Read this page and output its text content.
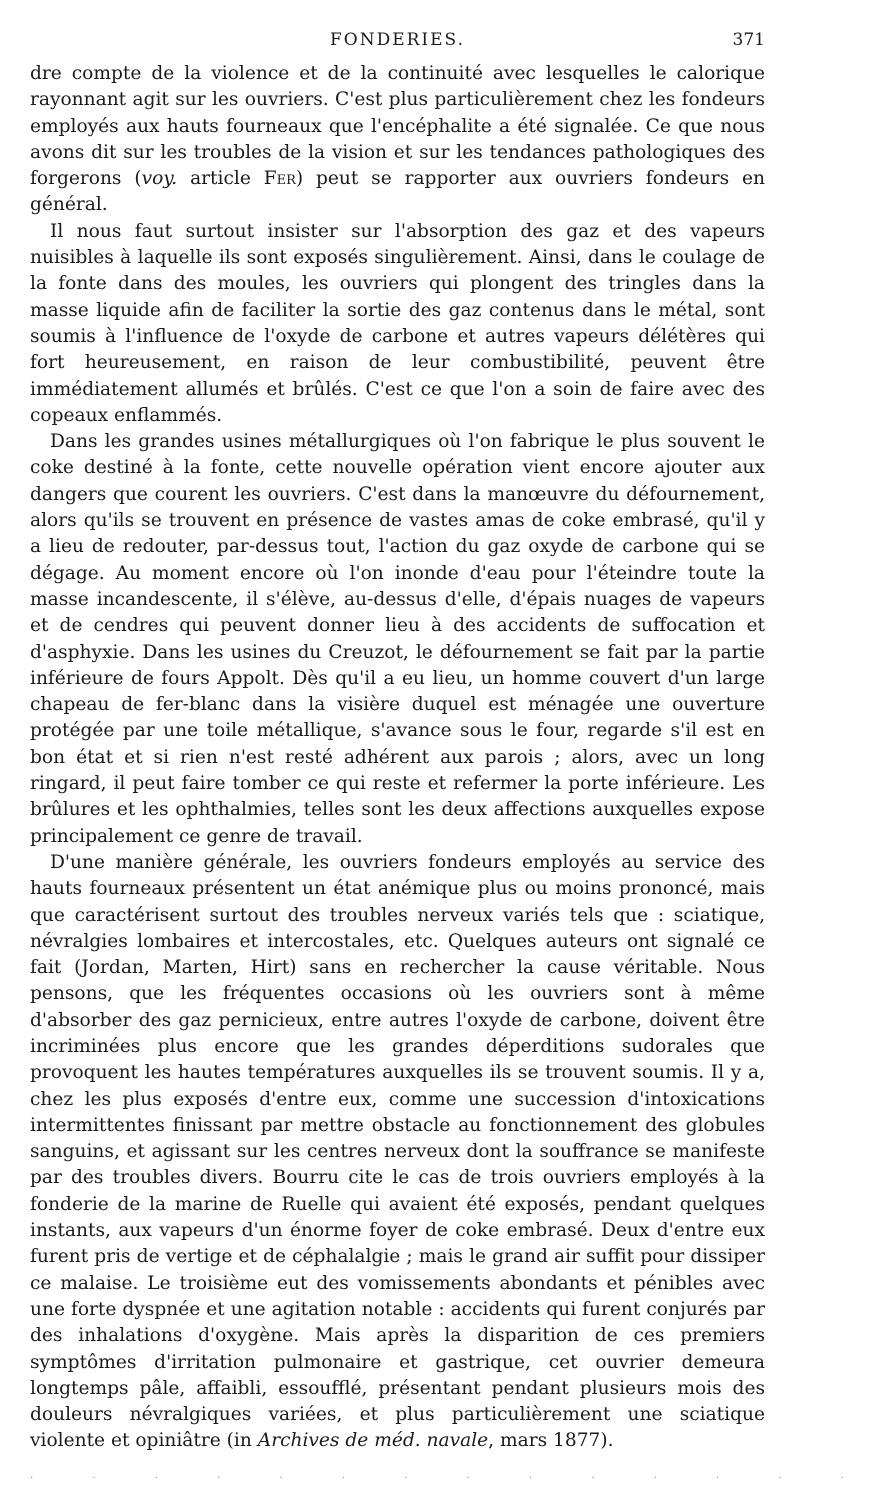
FONDERIES.	371

dre compte de la violence et de la continuité avec lesquelles le calorique rayonnant agit sur les ouvriers. C'est plus particulièrement chez les fondeurs employés aux hauts fourneaux que l'encéphalite a été signalée. Ce que nous avons dit sur les troubles de la vision et sur les tendances pathologiques des forgerons (voy. article Fer) peut se rapporter aux ouvriers fondeurs en général.

Il nous faut surtout insister sur l'absorption des gaz et des vapeurs nuisibles à laquelle ils sont exposés singulièrement. Ainsi, dans le coulage de la fonte dans des moules, les ouvriers qui plongent des tringles dans la masse liquide afin de faciliter la sortie des gaz contenus dans le métal, sont soumis à l'influence de l'oxyde de carbone et autres vapeurs délétères qui fort heureusement, en raison de leur combustibilité, peuvent être immédiatement allumés et brûlés. C'est ce que l'on a soin de faire avec des copeaux enflammés.

Dans les grandes usines métallurgiques où l'on fabrique le plus souvent le coke destiné à la fonte, cette nouvelle opération vient encore ajouter aux dangers que courent les ouvriers. C'est dans la manœuvre du défournement, alors qu'ils se trouvent en présence de vastes amas de coke embrasé, qu'il y a lieu de redouter, par-dessus tout, l'action du gaz oxyde de carbone qui se dégage. Au moment encore où l'on inonde d'eau pour l'éteindre toute la masse incandescente, il s'élève, au-dessus d'elle, d'épais nuages de vapeurs et de cendres qui peuvent donner lieu à des accidents de suffocation et d'asphyxie. Dans les usines du Creuzot, le défournement se fait par la partie inférieure de fours Appolt. Dès qu'il a eu lieu, un homme couvert d'un large chapeau de fer-blanc dans la visière duquel est ménagée une ouverture protégée par une toile métallique, s'avance sous le four, regarde s'il est en bon état et si rien n'est resté adhérent aux parois ; alors, avec un long ringard, il peut faire tomber ce qui reste et refermer la porte inférieure. Les brûlures et les ophthalmies, telles sont les deux affections auxquelles expose principalement ce genre de travail.

D'une manière générale, les ouvriers fondeurs employés au service des hauts fourneaux présentent un état anémique plus ou moins prononcé, mais que caractérisent surtout des troubles nerveux variés tels que : sciatique, névralgies lombaires et intercostales, etc. Quelques auteurs ont signalé ce fait (Jordan, Marten, Hirt) sans en rechercher la cause véritable. Nous pensons, que les fréquentes occasions où les ouvriers sont à même d'absorber des gaz pernicieux, entre autres l'oxyde de carbone, doivent être incriminées plus encore que les grandes déperditions sudorales que provoquent les hautes températures auxquelles ils se trouvent soumis. Il y a, chez les plus exposés d'entre eux, comme une succession d'intoxications intermittentes finissant par mettre obstacle au fonctionnement des globules sanguins, et agissant sur les centres nerveux dont la souffrance se manifeste par des troubles divers. Bourru cite le cas de trois ouvriers employés à la fonderie de la marine de Ruelle qui avaient été exposés, pendant quelques instants, aux vapeurs d'un énorme foyer de coke embrasé. Deux d'entre eux furent pris de vertige et de céphalalgie ; mais le grand air suffit pour dissiper ce malaise. Le troisième eut des vomissements abondants et pénibles avec une forte dyspnée et une agitation notable : accidents qui furent conjurés par des inhalations d'oxygène. Mais après la disparition de ces premiers symptômes d'irritation pulmonaire et gastrique, cet ouvrier demeura longtemps pâle, affaibli, essoufflé, présentant pendant plusieurs mois des douleurs névralgiques variées, et plus particulièrement une sciatique violente et opiniâtre (in Archives de méd. navale, mars 1877).

. . . . . . . . . . . . . .
